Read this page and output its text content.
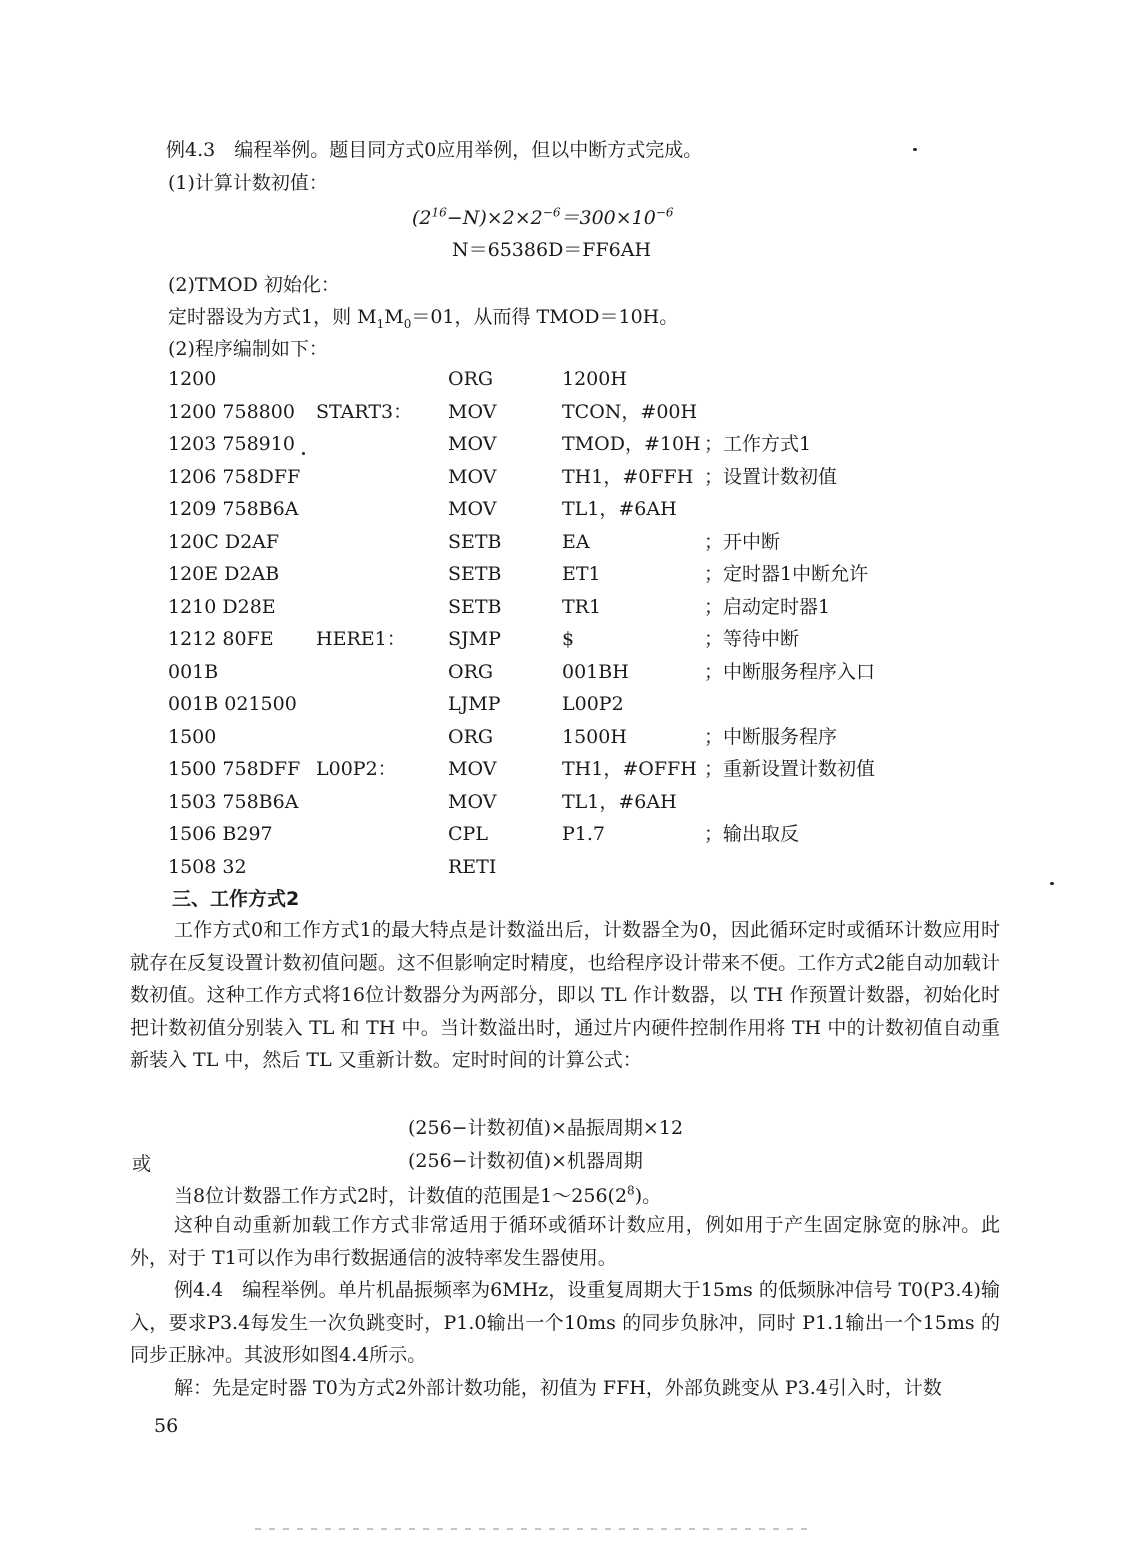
例4.3　编程举例。题目同方式0应用举例，但以中断方式完成。
(1)计算计数初值：
$(2^{16}-N)\times 2\times 2^{-6}=300\times 10^{-6}$
N＝65386D＝FF6AH
(2)TMOD 初始化：
定时器设为方式1，则 $M_1M_0=01$，从而得 TMOD＝10H。
(2)程序编制如下：
1200	ORG	1200H
1200 758800 START3： MOV	TCON，#00H
1203 758910	MOV	TMOD，#10H ；工作方式1
1206 758DFF	MOV	TH1，#0FFH ；设置计数初值
1209 758B6A	MOV	TL1，#6AH
120C D2AF	SETB	EA	；开中断
120E D2AB	SETB	ET1	；定时器1中断允许
1210 D28E	SETB	TR1	；启动定时器1
1212 80FE HERE1： SJMP	$	；等待中断
001B	ORG	001BH	；中断服务程序入口
001B 021500	LJMP	L00P2
1500	ORG	1500H	；中断服务程序
1500 758DFF L00P2：	MOV	TH1，#OFFH ；重新设置计数初值
1503 758B6A	MOV	TL1，#6AH
1506 B297	CPL	P1.7	；输出取反
1508 32	RETI
三、工作方式2
工作方式0和工作方式1的最大特点是计数溢出后，计数器全为0，因此循环定时或循环计数应用时就存在反复设置计数初值问题。这不但影响定时精度，也给程序设计带来不便。工作方式2能自动加载计数初值。这种工作方式将16位计数器分为两部分，即以 TL 作计数器，以 TH 作预置计数器，初始化时把计数初值分别装入 TL 和 TH 中。当计数溢出时，通过片内硬件控制作用将 TH 中的计数初值自动重新装入 TL 中，然后 TL 又重新计数。定时时间的计算公式：
(256−计数初值)×晶振周期×12
或	(256−计数初值)×机器周期
当8位计数器工作方式2时，计数值的范围是$1\sim 256(2^8)$。
这种自动重新加载工作方式非常适用于循环或循环计数应用，例如用于产生固定脉宽的脉冲。此外，对于 T1可以作为串行数据通信的波特率发生器使用。
例4.4　编程举例。单片机晶振频率为6MHz，设重复周期大于15ms 的低频脉冲信号 T0(P3.4)输入，要求P3.4每发生一次负跳变时，P1.0输出一个10ms 的同步负脉冲，同时 P1.1输出一个15ms 的同步正脉冲。其波形如图4.4所示。
解：先是定时器 T0为方式2外部计数功能，初值为 FFH，外部负跳变从 P3.4引入时，计数
56
